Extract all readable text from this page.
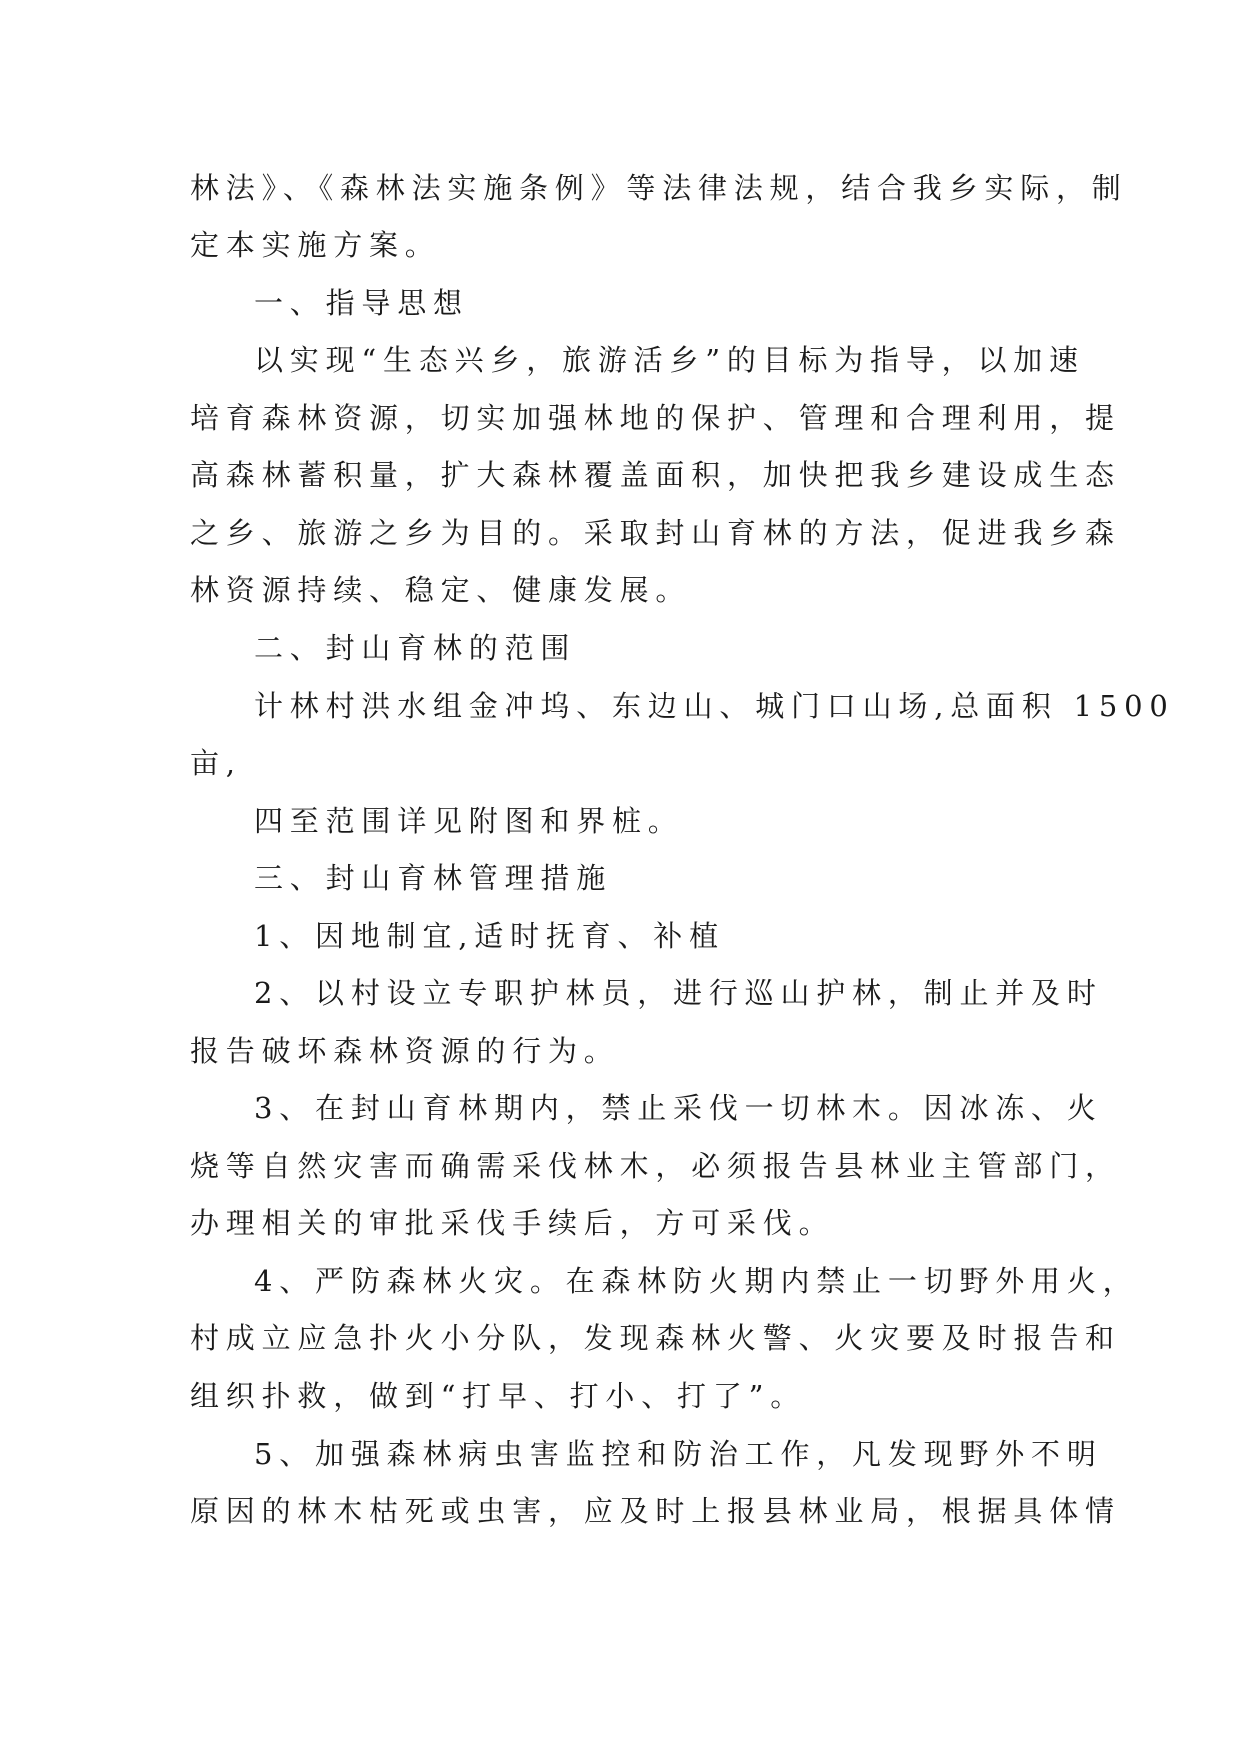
林法》、《森林法实施条例》等法律法规，结合我乡实际，制

定本实施方案。

一、指导思想

以实现“生态兴乡，旅游活乡”的目标为指导，以加速

培育森林资源，切实加强林地的保护、管理和合理利用，提

高森林蓄积量，扩大森林覆盖面积，加快把我乡建设成生态

之乡、旅游之乡为目的。采取封山育林的方法，促进我乡森

林资源持续、稳定、健康发展。

二、封山育林的范围

计林村洪水组金冲坞、东边山、城门口山场,总面积 1500

亩,

四至范围详见附图和界桩。

三、封山育林管理措施

1、因地制宜,适时抚育、补植

2、以村设立专职护林员，进行巡山护林，制止并及时

报告破坏森林资源的行为。

3、在封山育林期内，禁止采伐一切林木。因冰冻、火

烧等自然灾害而确需采伐林木，必须报告县林业主管部门，

办理相关的审批采伐手续后，方可采伐。

4、严防森林火灾。在森林防火期内禁止一切野外用火，

村成立应急扑火小分队，发现森林火警、火灾要及时报告和

组织扑救，做到“打早、打小、打了”。

5、加强森林病虫害监控和防治工作，凡发现野外不明

原因的林木枯死或虫害，应及时上报县林业局，根据具体情
